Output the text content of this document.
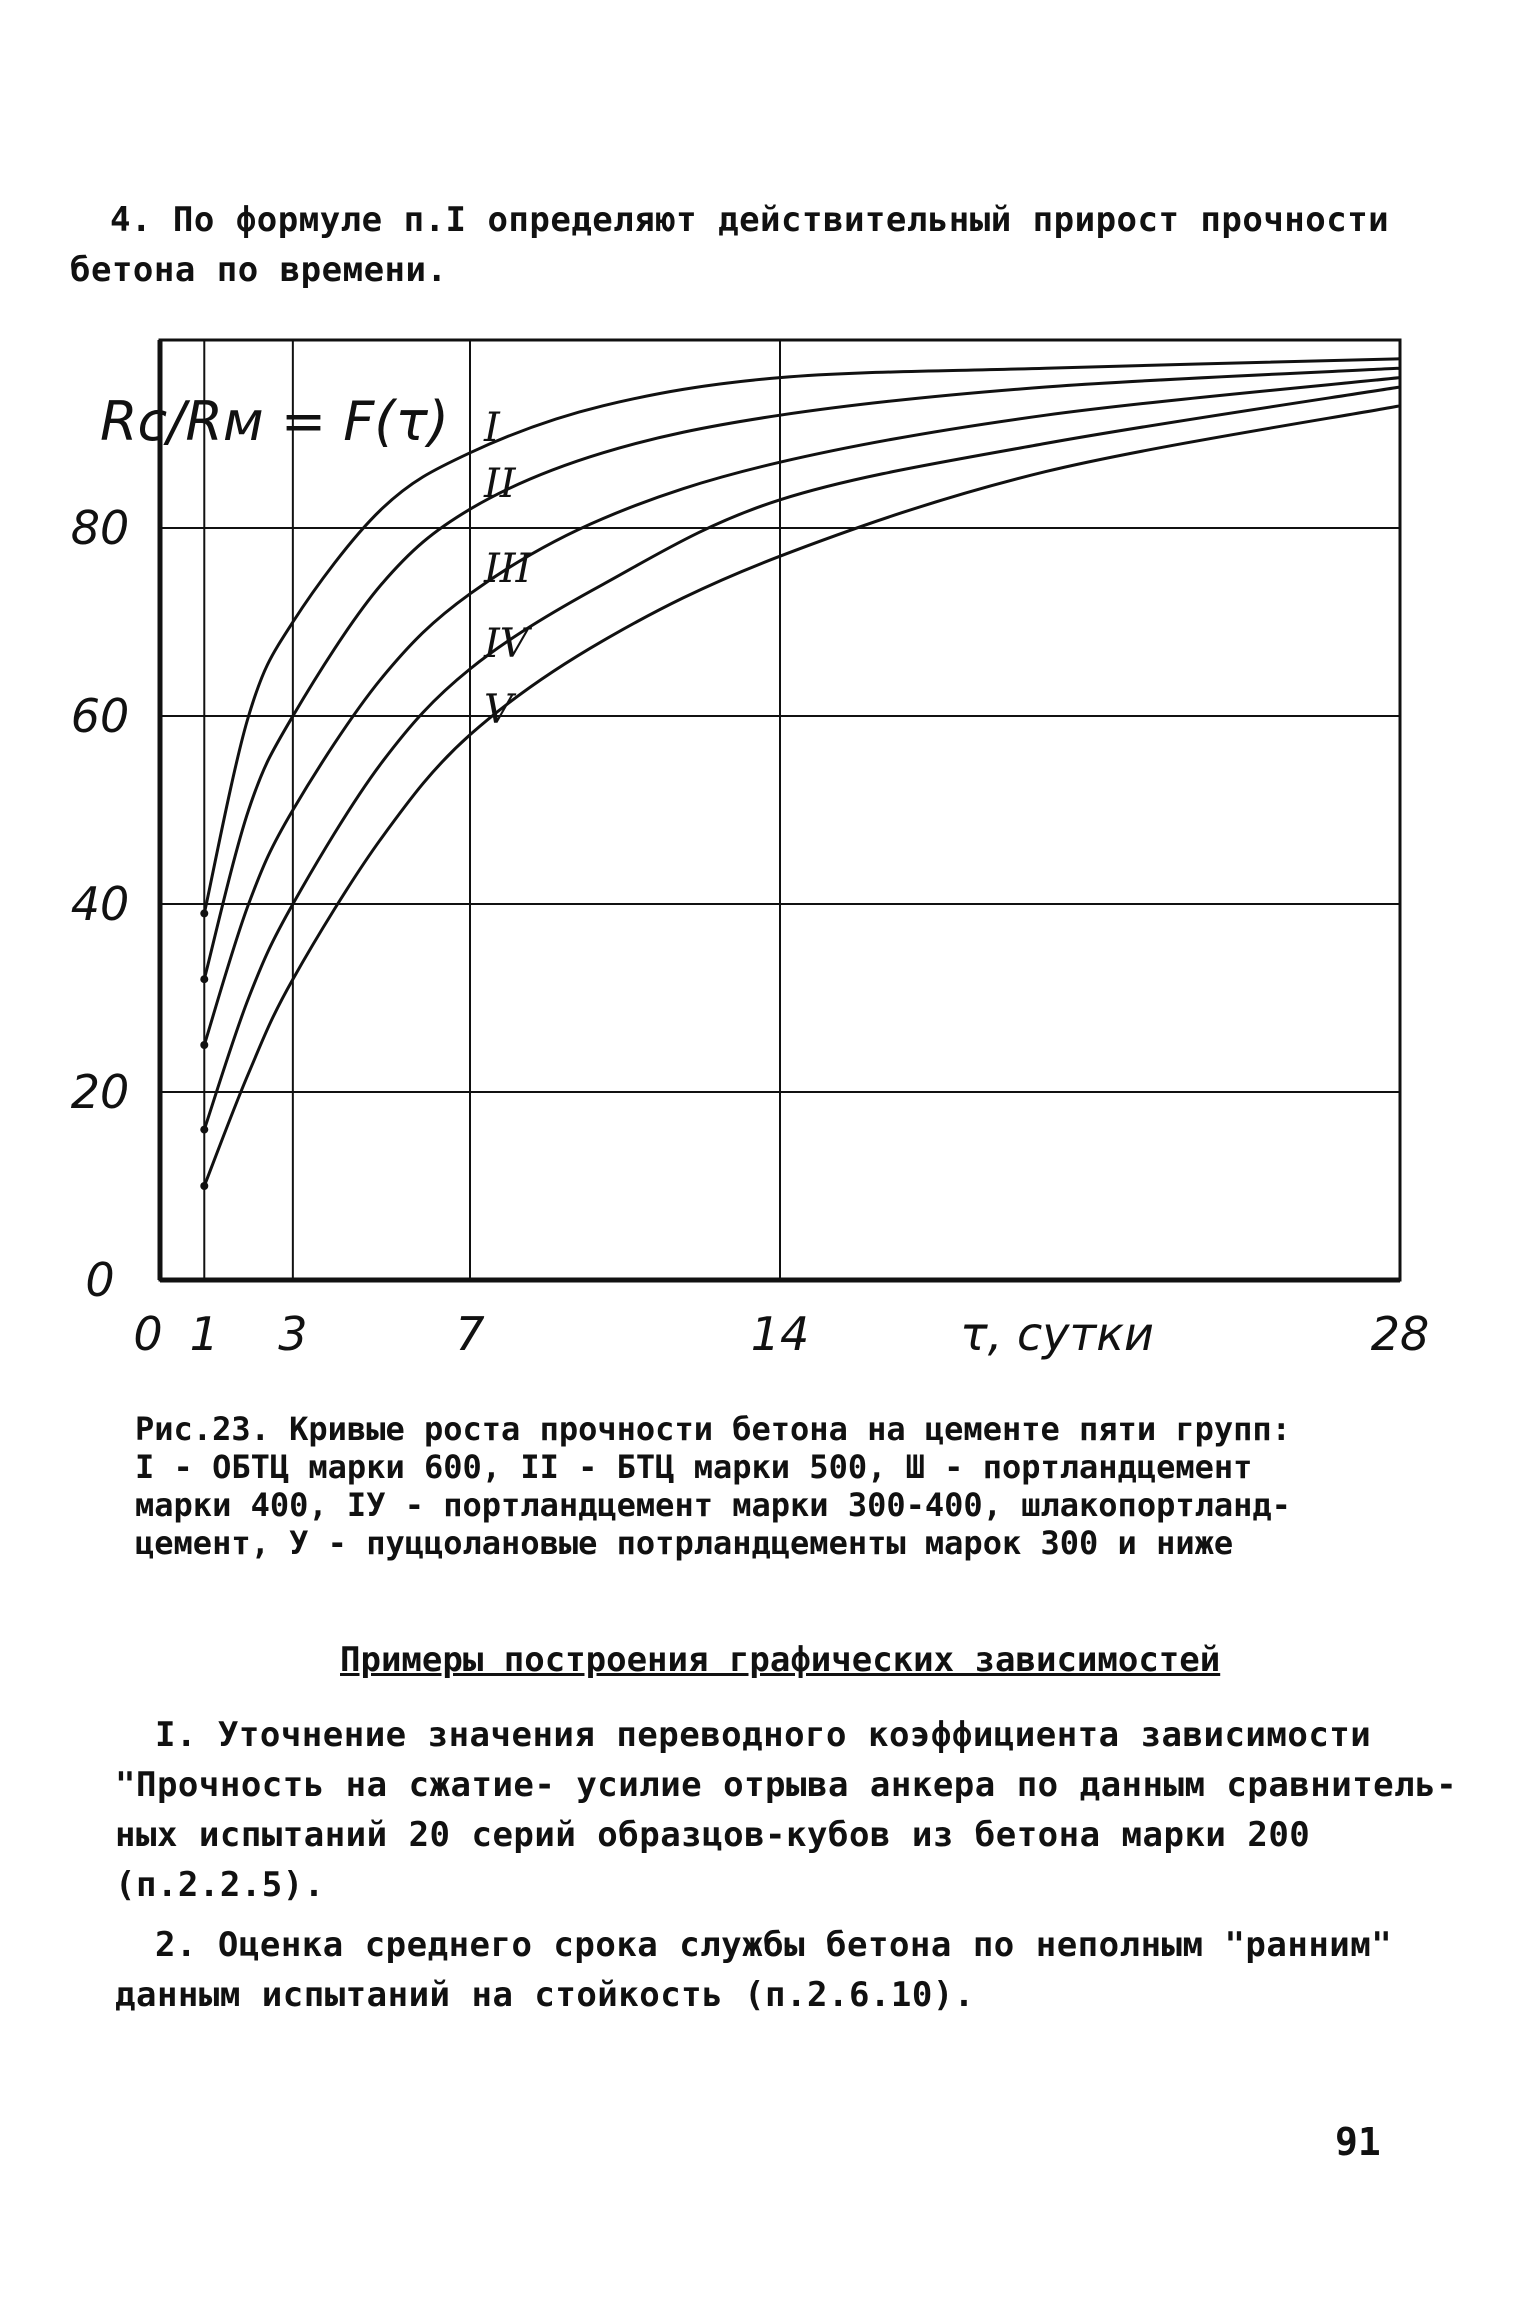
4. По формуле п.I определяют действительный прирост прочности
бетона по времени.
0
20
40
60
80
0 1 3	7	14	28
I
II
III
IV
V
Rc/Rм = F(τ)
τ, сутки
Рис.23. Кривые роста прочности бетона на цементе пяти групп:
I - ОБТЦ марки 600, II - БТЦ марки 500, Ш - портландцемент
марки 400, IУ - портландцемент марки 300-400, шлакопортланд-
цемент, У - пуццолановые потрландцементы марок 300 и ниже
Примеры построения графических зависимостей
I. Уточнение значения переводного коэффициента зависимости
"Прочность на сжатие- усилие отрыва анкера по данным сравнитель-
ных испытаний 20 серий образцов-кубов из бетона марки 200
(п.2.2.5).
2. Оценка среднего срока службы бетона по неполным "ранним"
данным испытаний на стойкость (п.2.6.10).
91
